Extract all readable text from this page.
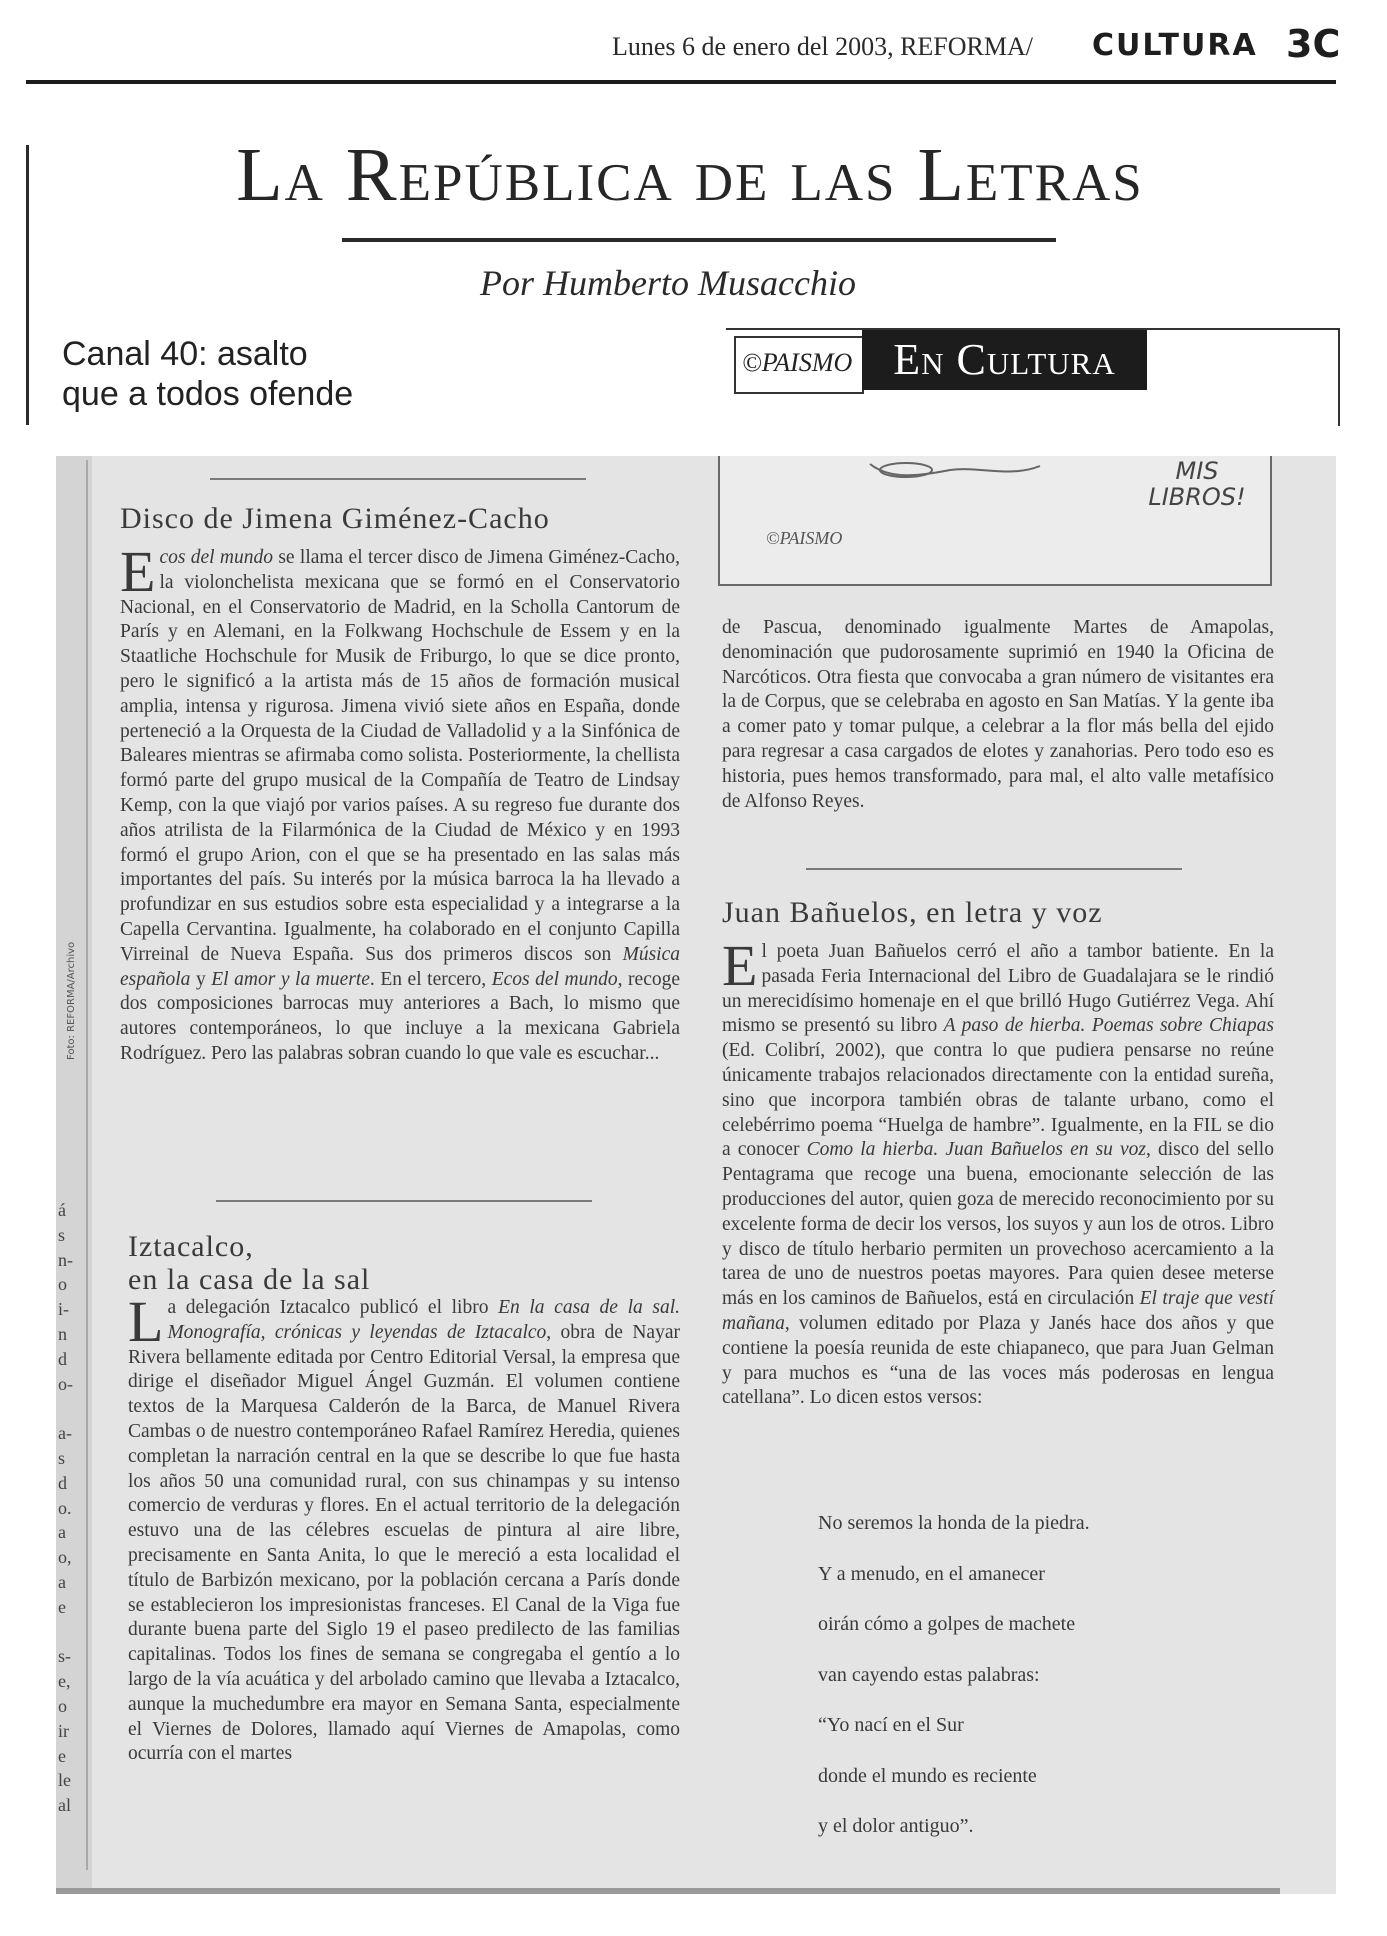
Lunes 6 de enero del 2003, REFORMA/ CULTURA 3C
La República de las Letras
Por Humberto Musacchio
Canal 40: asalto
que a todos ofende
©PAISMO En Cultura
Foto: REFORMA/Archivo
á
s
n-
o
i-
n
d
o-
a-
s
d
o.
a
o,
a
e
s-
e,
o
ir
e
le
al
MIS LIBROS!
©PAISMO
Disco de Jimena Giménez-Cacho

Ecos del mundo se llama el tercer disco de Jimena Giménez-Cacho, la violonchelista mexicana que se formó en el Conservatorio Nacional, en el Conservatorio de Madrid, en la Scholla Cantorum de París y en Alemani, en la Folkwang Hochschule de Essem y en la Staatliche Hochschule for Musik de Friburgo, lo que se dice pronto, pero le significó a la artista más de 15 años de formación musical amplia, intensa y rigurosa. Jimena vivió siete años en España, donde perteneció a la Orquesta de la Ciudad de Valladolid y a la Sinfónica de Baleares mientras se afirmaba como solista. Posteriormente, la chellista formó parte del grupo musical de la Compañía de Teatro de Lindsay Kemp, con la que viajó por varios países. A su regreso fue durante dos años atrilista de la Filarmónica de la Ciudad de México y en 1993 formó el grupo Arion, con el que se ha presentado en las salas más importantes del país. Su interés por la música barroca la ha llevado a profundizar en sus estudios sobre esta especialidad y a integrarse a la Capella Cervantina. Igualmente, ha colaborado en el conjunto Capilla Virreinal de Nueva España. Sus dos primeros discos son Música española y El amor y la muerte. En el tercero, Ecos del mundo, recoge dos composiciones barrocas muy anteriores a Bach, lo mismo que autores contemporáneos, lo que incluye a la mexicana Gabriela Rodríguez. Pero las palabras sobran cuando lo que vale es escuchar...

Iztacalco,
en la casa de la sal

La delegación Iztacalco publicó el libro En la casa de la sal. Monografía, crónicas y leyendas de Iztacalco, obra de Nayar Rivera bellamente editada por Centro Editorial Versal, la empresa que dirige el diseñador Miguel Ángel Guzmán. El volumen contiene textos de la Marquesa Calderón de la Barca, de Manuel Rivera Cambas o de nuestro contemporáneo Rafael Ramírez Heredia, quienes completan la narración central en la que se describe lo que fue hasta los años 50 una comunidad rural, con sus chinampas y su intenso comercio de verduras y flores. En el actual territorio de la delegación estuvo una de las célebres escuelas de pintura al aire libre, precisamente en Santa Anita, lo que le mereció a esta localidad el título de Barbizón mexicano, por la población cercana a París donde se establecieron los impresionistas franceses. El Canal de la Viga fue durante buena parte del Siglo 19 el paseo predilecto de las familias capitalinas. Todos los fines de semana se congregaba el gentío a lo largo de la vía acuática y del arbolado camino que llevaba a Iztacalco, aunque la muchedumbre era mayor en Semana Santa, especialmente el Viernes de Dolores, llamado aquí Viernes de Amapolas, como ocurría con el martes

de Pascua, denominado igualmente Martes de Amapolas, denominación que pudorosamente suprimió en 1940 la Oficina de Narcóticos. Otra fiesta que convocaba a gran número de visitantes era la de Corpus, que se celebraba en agosto en San Matías. Y la gente iba a comer pato y tomar pulque, a celebrar a la flor más bella del ejido para regresar a casa cargados de elotes y zanahorias. Pero todo eso es historia, pues hemos transformado, para mal, el alto valle metafísico de Alfonso Reyes.

Juan Bañuelos, en letra y voz

El poeta Juan Bañuelos cerró el año a tambor batiente. En la pasada Feria Internacional del Libro de Guadalajara se le rindió un merecidísimo homenaje en el que brilló Hugo Gutiérrez Vega. Ahí mismo se presentó su libro A paso de hierba. Poemas sobre Chiapas (Ed. Colibrí, 2002), que contra lo que pudiera pensarse no reúne únicamente trabajos relacionados directamente con la entidad sureña, sino que incorpora también obras de talante urbano, como el celebérrimo poema “Huelga de hambre”. Igualmente, en la FIL se dio a conocer Como la hierba. Juan Bañuelos en su voz, disco del sello Pentagrama que recoge una buena, emocionante selección de las producciones del autor, quien goza de merecido reconocimiento por su excelente forma de decir los versos, los suyos y aun los de otros. Libro y disco de título herbario permiten un provechoso acercamiento a la tarea de uno de nuestros poetas mayores. Para quien desee meterse más en los caminos de Bañuelos, está en circulación El traje que vestí mañana, volumen editado por Plaza y Janés hace dos años y que contiene la poesía reunida de este chiapaneco, que para Juan Gelman y para muchos es “una de las voces más poderosas en lengua catellana”. Lo dicen estos versos:

No seremos la honda de la piedra.
Y a menudo, en el amanecer
oirán cómo a golpes de machete
van cayendo estas palabras:
“Yo nací en el Sur
donde el mundo es reciente
y el dolor antiguo”.
